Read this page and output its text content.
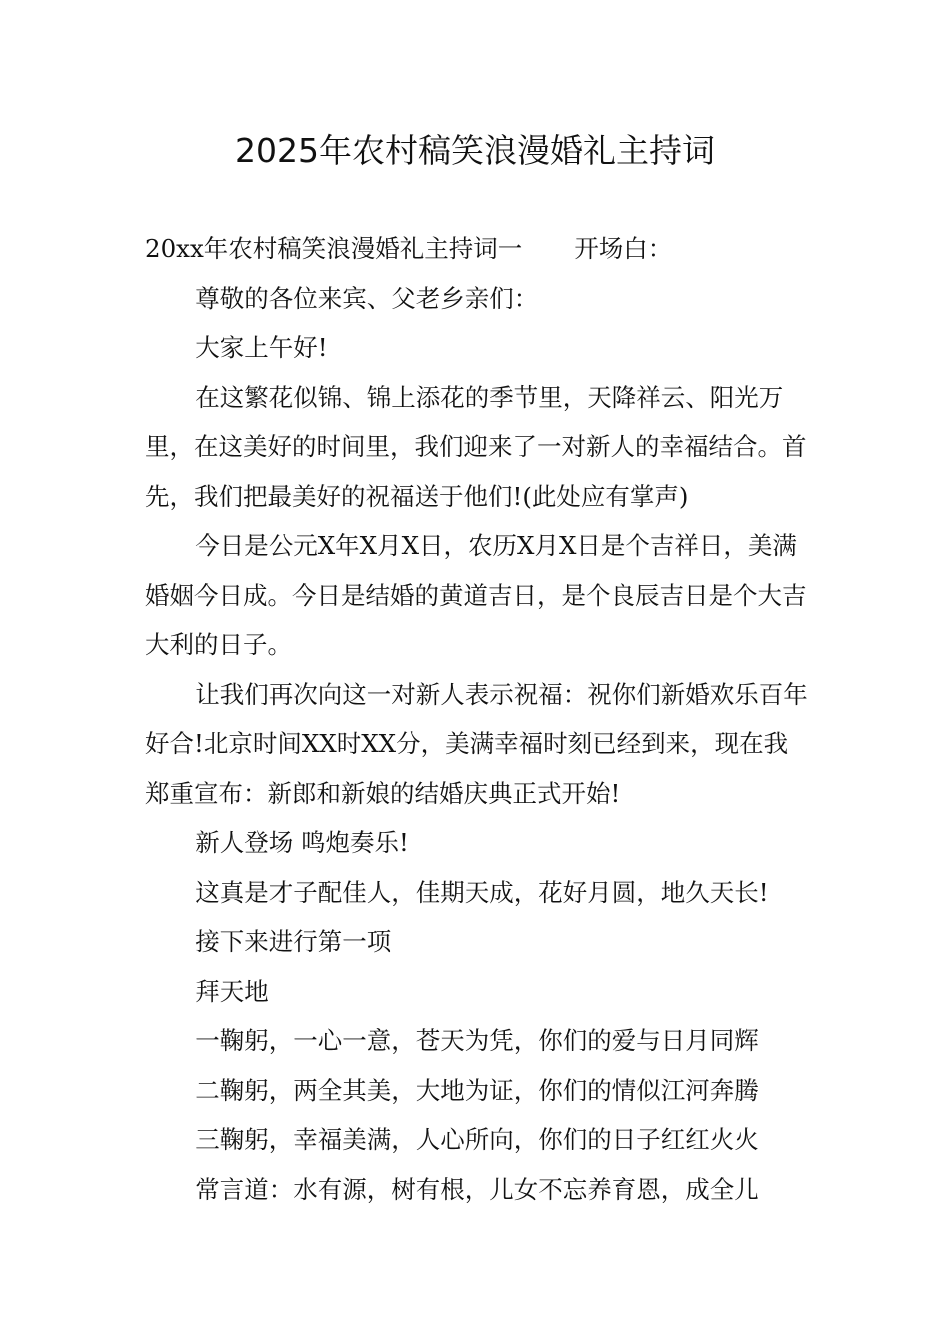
2025年农村稿笑浪漫婚礼主持词

20xx年农村稿笑浪漫婚礼主持词一 开场白：

尊敬的各位来宾、父老乡亲们：

大家上午好!

在这繁花似锦、锦上添花的季节里，天降祥云、阳光万里，在这美好的时间里，我们迎来了一对新人的幸福结合。首先，我们把最美好的祝福送于他们!(此处应有掌声)

今日是公元X年X月X日，农历X月X日是个吉祥日，美满婚姻今日成。今日是结婚的黄道吉日，是个良辰吉日是个大吉大利的日子。

让我们再次向这一对新人表示祝福：祝你们新婚欢乐百年好合!北京时间XX时XX分，美满幸福时刻已经到来，现在我郑重宣布：新郎和新娘的结婚庆典正式开始!

新人登场 鸣炮奏乐!

这真是才子配佳人，佳期天成，花好月圆，地久天长!

接下来进行第一项

拜天地

一鞠躬，一心一意，苍天为凭，你们的爱与日月同辉

二鞠躬，两全其美，大地为证，你们的情似江河奔腾

三鞠躬，幸福美满，人心所向，你们的日子红红火火

常言道：水有源，树有根，儿女不忘养育恩，成全儿
